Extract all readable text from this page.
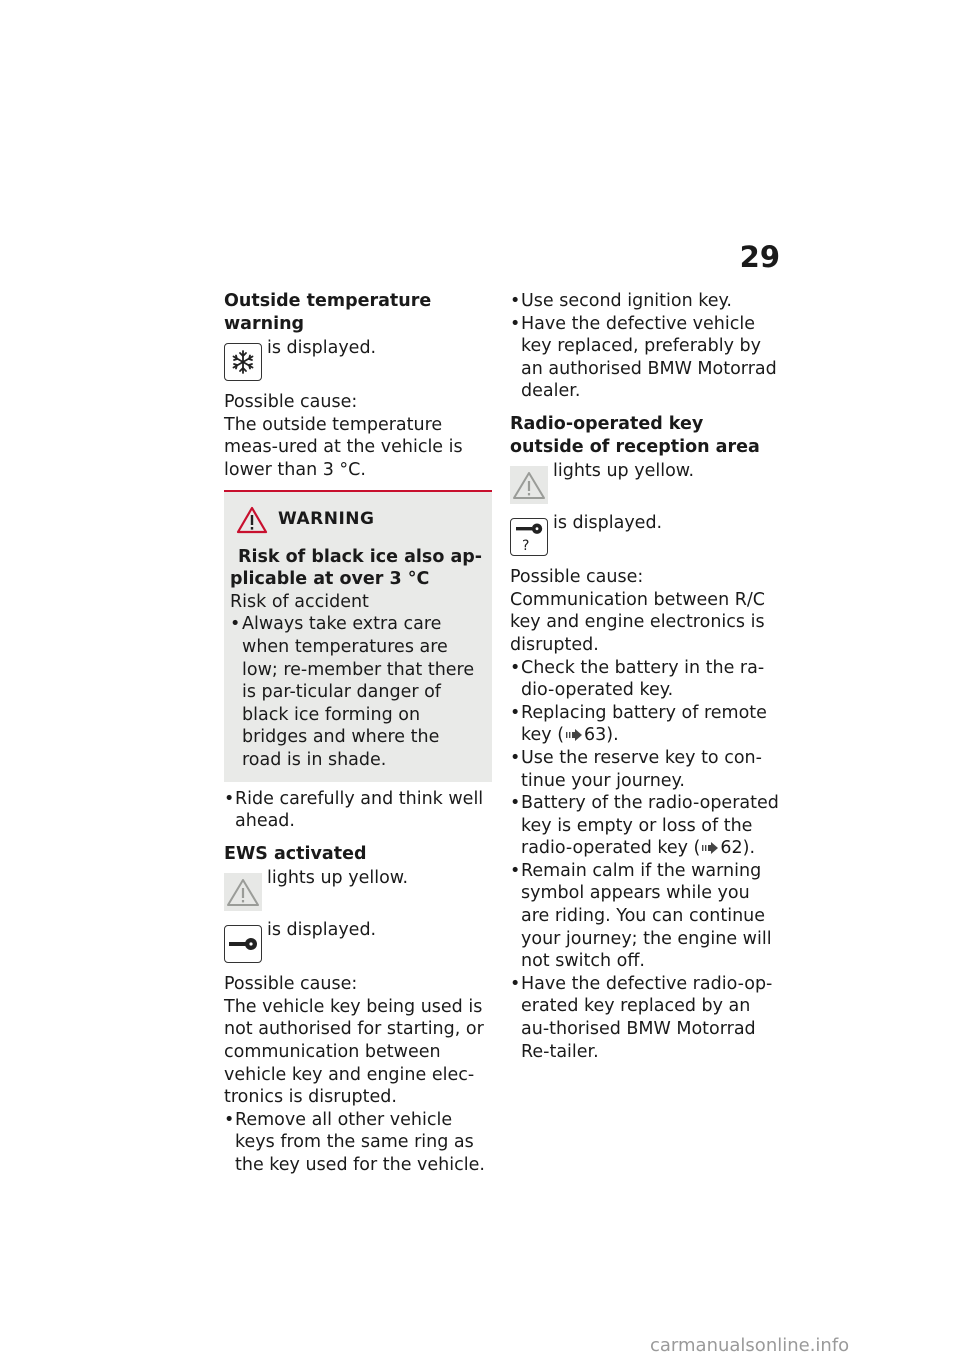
29

Outside temperature warning

is displayed.

Possible cause:

The outside temperature meas-ured at the vehicle is lower than 3 °C.

WARNING

Risk of black ice also ap-plicable at over 3 °C

Risk of accident

• Always take extra care when temperatures are low; re-member that there is par-ticular danger of black ice forming on bridges and where the road is in shade.
• Ride carefully and think well ahead.

EWS activated

lights up yellow.
is displayed.

Possible cause:

The vehicle key being used is not authorised for starting, or communication between vehicle key and engine elec-tronics is disrupted.

• Remove all other vehicle keys from the same ring as the key used for the vehicle.
• Use second ignition key.
• Have the defective vehicle key replaced, preferably by an authorised BMW Motorrad dealer.

Radio-operated key outside of reception area

lights up yellow.
?
is displayed.

Possible cause:

Communication between R/C key and engine electronics is disrupted.

• Check the battery in the ra-dio-operated key.
• Replacing battery of remote key ( 63).
• Use the reserve key to con-tinue your journey.
• Battery of the radio-operated key is empty or loss of the radio-operated key ( 62).
• Remain calm if the warning symbol appears while you are riding. You can continue your journey; the engine will not switch off.
• Have the defective radio-op-erated key replaced by an au-thorised BMW Motorrad Re-tailer.
carmanualsonline.info
